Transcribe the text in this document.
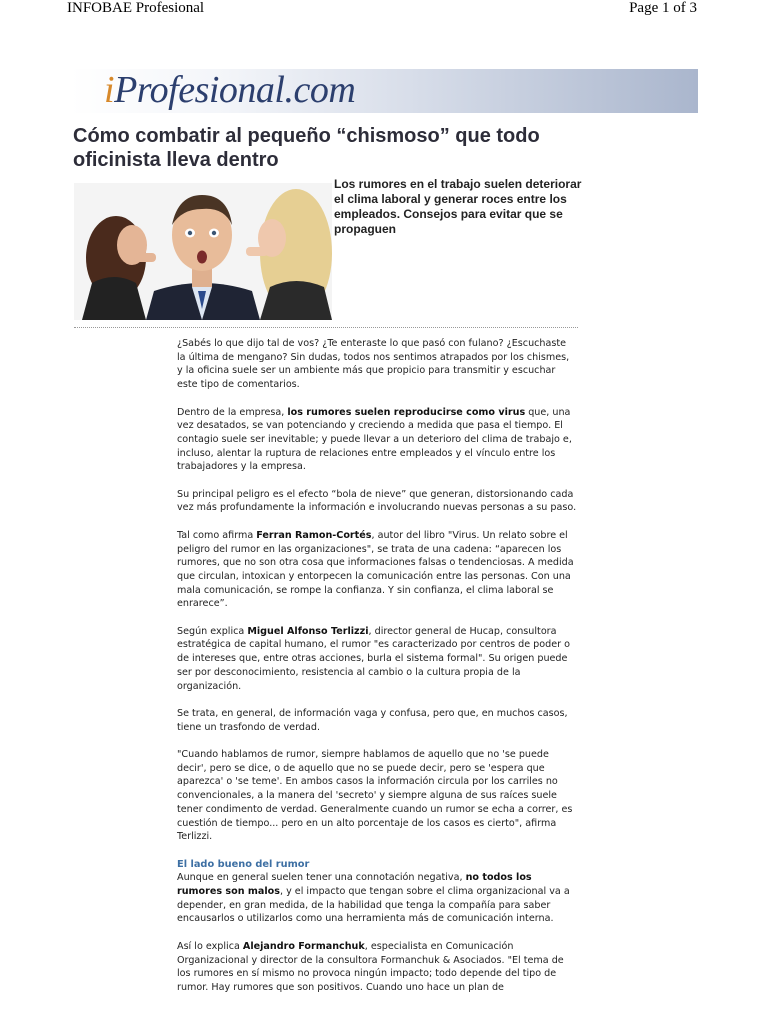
INFOBAE Profesional	Page 1 of 3
iProfesional.com
Cómo combatir al pequeño “chismoso” que todo oficinista lleva dentro

Los rumores en el trabajo suelen deteriorar el clima laboral y generar roces entre los empleados. Consejos para evitar que se propaguen

¿Sabés lo que dijo tal de vos? ¿Te enteraste lo que pasó con fulano? ¿Escuchaste la última de mengano? Sin dudas, todos nos sentimos atrapados por los chismes, y la oficina suele ser un ambiente más que propicio para transmitir y escuchar este tipo de comentarios.

Dentro de la empresa, los rumores suelen reproducirse como virus que, una vez desatados, se van potenciando y creciendo a medida que pasa el tiempo. El contagio suele ser inevitable; y puede llevar a un deterioro del clima de trabajo e, incluso, alentar la ruptura de relaciones entre empleados y el vínculo entre los trabajadores y la empresa.

Su principal peligro es el efecto “bola de nieve” que generan, distorsionando cada vez más profundamente la información e involucrando nuevas personas a su paso.

Tal como afirma Ferran Ramon-Cortés, autor del libro "Virus. Un relato sobre el peligro del rumor en las organizaciones", se trata de una cadena: “aparecen los rumores, que no son otra cosa que informaciones falsas o tendenciosas. A medida que circulan, intoxican y entorpecen la comunicación entre las personas. Con una mala comunicación, se rompe la confianza. Y sin confianza, el clima laboral se enrarece”.

Según explica Miguel Alfonso Terlizzi, director general de Hucap, consultora estratégica de capital humano, el rumor "es caracterizado por centros de poder o de intereses que, entre otras acciones, burla el sistema formal". Su origen puede ser por desconocimiento, resistencia al cambio o la cultura propia de la organización.

Se trata, en general, de información vaga y confusa, pero que, en muchos casos, tiene un trasfondo de verdad.

"Cuando hablamos de rumor, siempre hablamos de aquello que no 'se puede decir', pero se dice, o de aquello que no se puede decir, pero se 'espera que aparezca' o 'se teme'. En ambos casos la información circula por los carriles no convencionales, a la manera del 'secreto' y siempre alguna de sus raíces suele tener condimento de verdad. Generalmente cuando un rumor se echa a correr, es cuestión de tiempo... pero en un alto porcentaje de los casos es cierto", afirma Terlizzi.

El lado bueno del rumor

Aunque en general suelen tener una connotación negativa, no todos los rumores son malos, y el impacto que tengan sobre el clima organizacional va a depender, en gran medida, de la habilidad que tenga la compañía para saber encausarlos o utilizarlos como una herramienta más de comunicación interna.

Así lo explica Alejandro Formanchuk, especialista en Comunicación Organizacional y director de la consultora Formanchuk & Asociados. "El tema de los rumores en sí mismo no provoca ningún impacto; todo depende del tipo de rumor. Hay rumores que son positivos. Cuando uno hace un plan de
